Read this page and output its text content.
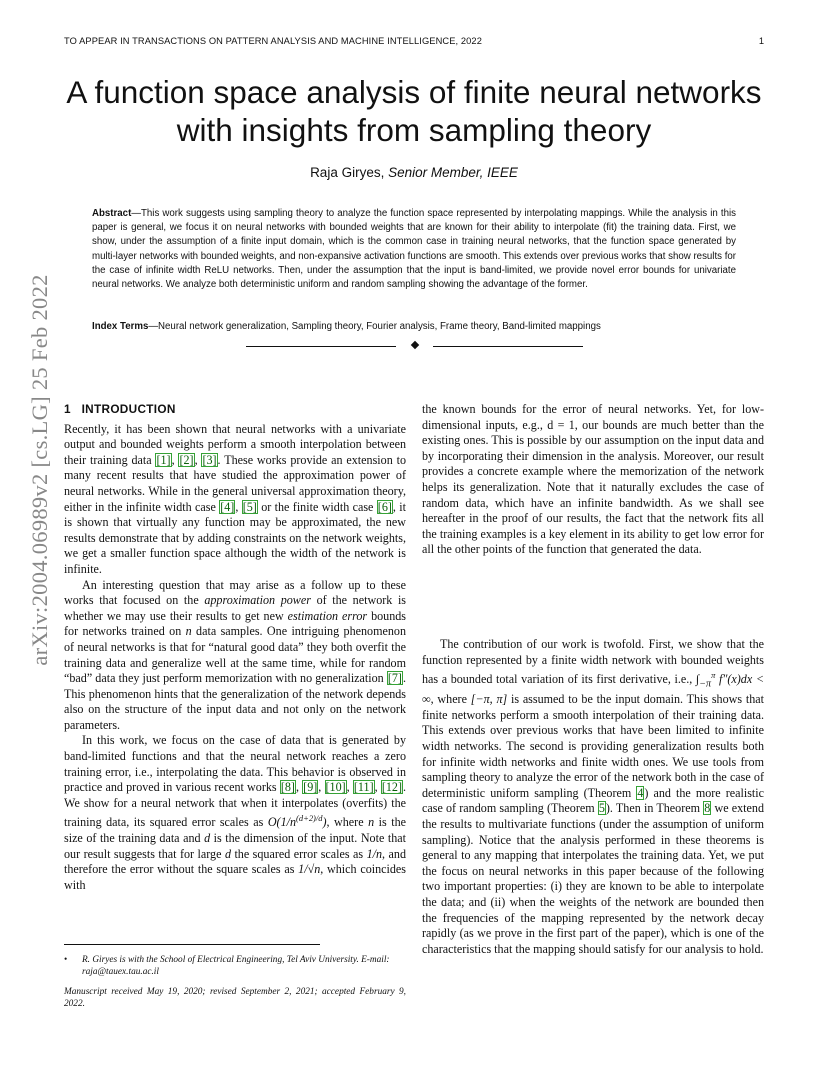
TO APPEAR IN TRANSACTIONS ON PATTERN ANALYSIS AND MACHINE INTELLIGENCE, 2022	1
arXiv:2004.06989v2 [cs.LG] 25 Feb 2022
A function space analysis of finite neural networks with insights from sampling theory
Raja Giryes, Senior Member, IEEE
Abstract—This work suggests using sampling theory to analyze the function space represented by interpolating mappings. While the analysis in this paper is general, we focus it on neural networks with bounded weights that are known for their ability to interpolate (fit) the training data. First, we show, under the assumption of a finite input domain, which is the common case in training neural networks, that the function space generated by multi-layer networks with bounded weights, and non-expansive activation functions are smooth. This extends over previous works that show results for the case of infinite width ReLU networks. Then, under the assumption that the input is band-limited, we provide novel error bounds for univariate neural networks. We analyze both deterministic uniform and random sampling showing the advantage of the former.
Index Terms—Neural network generalization, Sampling theory, Fourier analysis, Frame theory, Band-limited mappings
1 INTRODUCTION

Recently, it has been shown that neural networks with a univariate output and bounded weights perform a smooth interpolation between their training data [1], [2], [3]. These works provide an extension to many recent results that have studied the approximation power of neural networks. While in the general universal approximation theory, either in the infinite width case [4], [5] or the finite width case [6], it is shown that virtually any function may be approximated, the new results demonstrate that by adding constraints on the network weights, we get a smaller function space although the width of the network is infinite.

An interesting question that may arise as a follow up to these works that focused on the approximation power of the network is whether we may use their results to get new estimation error bounds for networks trained on n data samples. One intriguing phenomenon of neural networks is that for “natural good data” they both overfit the training data and generalize well at the same time, while for random “bad” data they just perform memorization with no generalization [7]. This phenomenon hints that the generalization of the network depends also on the structure of the input data and not only on the network parameters.

In this work, we focus on the case of data that is generated by band-limited functions and that the neural network reaches a zero training error, i.e., interpolating the data. This behavior is observed in practice and proved in various recent works [8], [9], [10], [11], [12]. We show for a neural network that when it interpolates (overfits) the training data, its squared error scales as $O(1/n^{(d+2)/d})$, where n is the size of the training data and d is the dimension of the input. Note that our result suggests that for large d the squared error scales as 1/n, and therefore the error without the square scales as 1/√n, which coincides with

• R. Giryes is with the School of Electrical Engineering, Tel Aviv University. E-mail: raja@tauex.tau.ac.il
Manuscript received May 19, 2020; revised September 2, 2021; accepted February 9, 2022.

the known bounds for the error of neural networks. Yet, for low-dimensional inputs, e.g., d = 1, our bounds are much better than the existing ones. This is possible by our assumption on the input data and by incorporating their dimension in the analysis. Moreover, our result provides a concrete example where the memorization of the network helps its generalization. Note that it naturally excludes the case of random data, which have an infinite bandwidth. As we shall see hereafter in the proof of our results, the fact that the network fits all the training examples is a key element in its ability to get low error for all the other points of the function that generated the data.

The contribution of our work is twofold. First, we show that the function represented by a finite width network with bounded weights has a bounded total variation of its first derivative, i.e., $\int_{-\pi}^\pi$ f″(x)dx < ∞, where [−π, π] is assumed to be the input domain. This shows that finite networks perform a smooth interpolation of their training data. This extends over previous works that have been limited to infinite width networks. The second is providing generalization results both for infinite width networks and finite width ones. We use tools from sampling theory to analyze the error of the network both in the case of deterministic uniform sampling (Theorem 4) and the more realistic case of random sampling (Theorem 5). Then in Theorem 8 we extend the results to multivariate functions (under the assumption of uniform sampling). Notice that the analysis performed in these theorems is general to any mapping that interpolates the training data. Yet, we put the focus on neural networks in this paper because of the following two important properties: (i) they are known to be able to interpolate the data; and (ii) when the weights of the network are bounded then the frequencies of the mapping represented by the network decay rapidly (as we prove in the first part of the paper), which is one of the characteristics that the mapping should satisfy for our analysis to hold.
